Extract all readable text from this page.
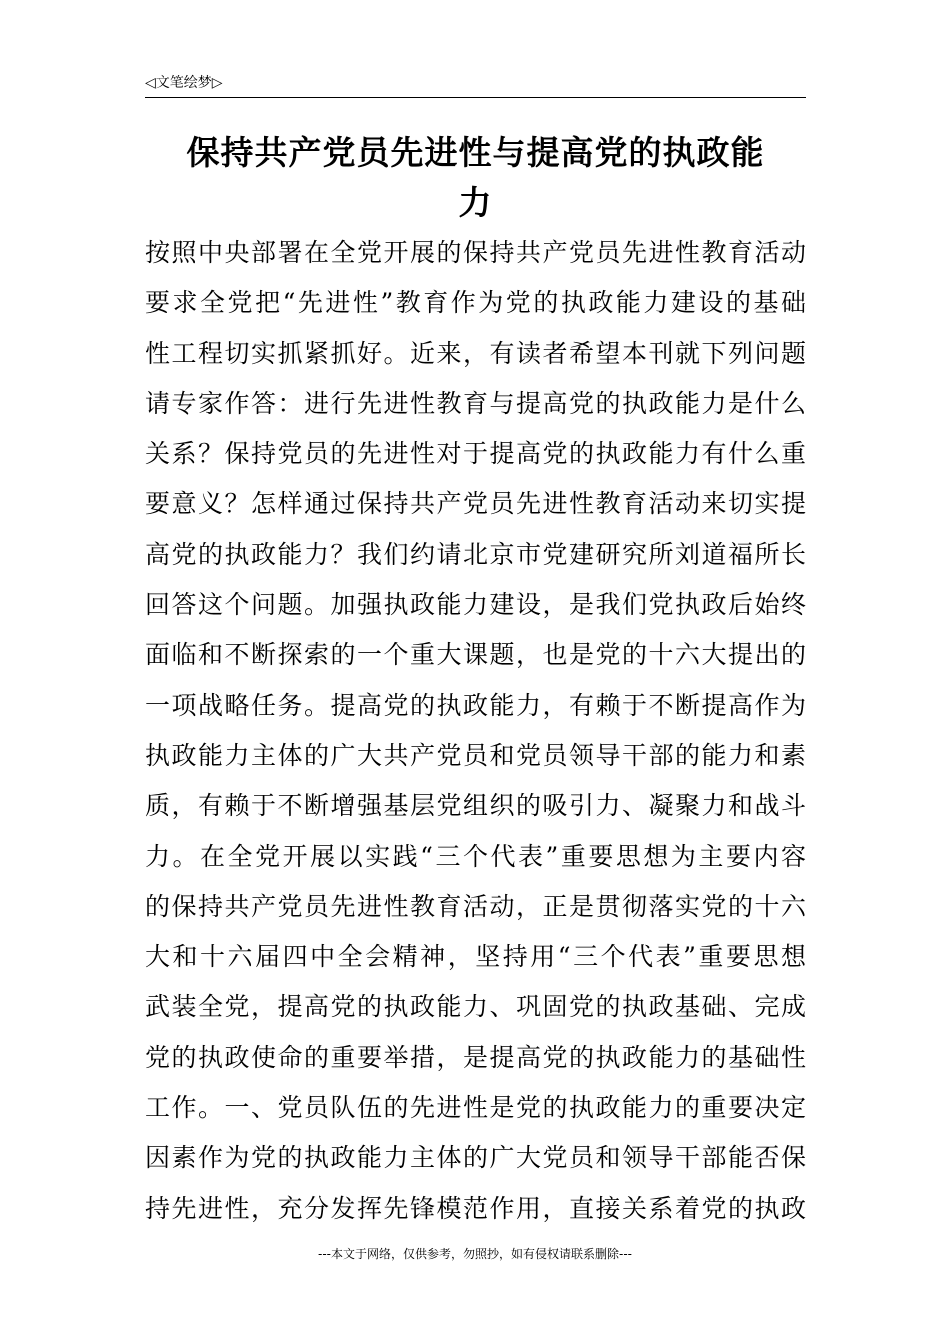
◁文笔绘梦▷
保持共产党员先进性与提高党的执政能
力
按照中央部署在全党开展的保持共产党员先进性教育活动
要求全党把“先进性”教育作为党的执政能力建设的基础
性工程切实抓紧抓好。近来，有读者希望本刊就下列问题
请专家作答：进行先进性教育与提高党的执政能力是什么
关系？保持党员的先进性对于提高党的执政能力有什么重
要意义？怎样通过保持共产党员先进性教育活动来切实提
高党的执政能力？我们约请北京市党建研究所刘道福所长
回答这个问题。加强执政能力建设，是我们党执政后始终
面临和不断探索的一个重大课题，也是党的十六大提出的
一项战略任务。提高党的执政能力，有赖于不断提高作为
执政能力主体的广大共产党员和党员领导干部的能力和素
质，有赖于不断增强基层党组织的吸引力、凝聚力和战斗
力。在全党开展以实践“三个代表”重要思想为主要内容
的保持共产党员先进性教育活动，正是贯彻落实党的十六
大和十六届四中全会精神，坚持用“三个代表”重要思想
武装全党，提高党的执政能力、巩固党的执政基础、完成
党的执政使命的重要举措，是提高党的执政能力的基础性
工作。一、党员队伍的先进性是党的执政能力的重要决定
因素作为党的执政能力主体的广大党员和领导干部能否保
持先进性，充分发挥先锋模范作用，直接关系着党的执政
---本文于网络，仅供参考，勿照抄，如有侵权请联系删除---
